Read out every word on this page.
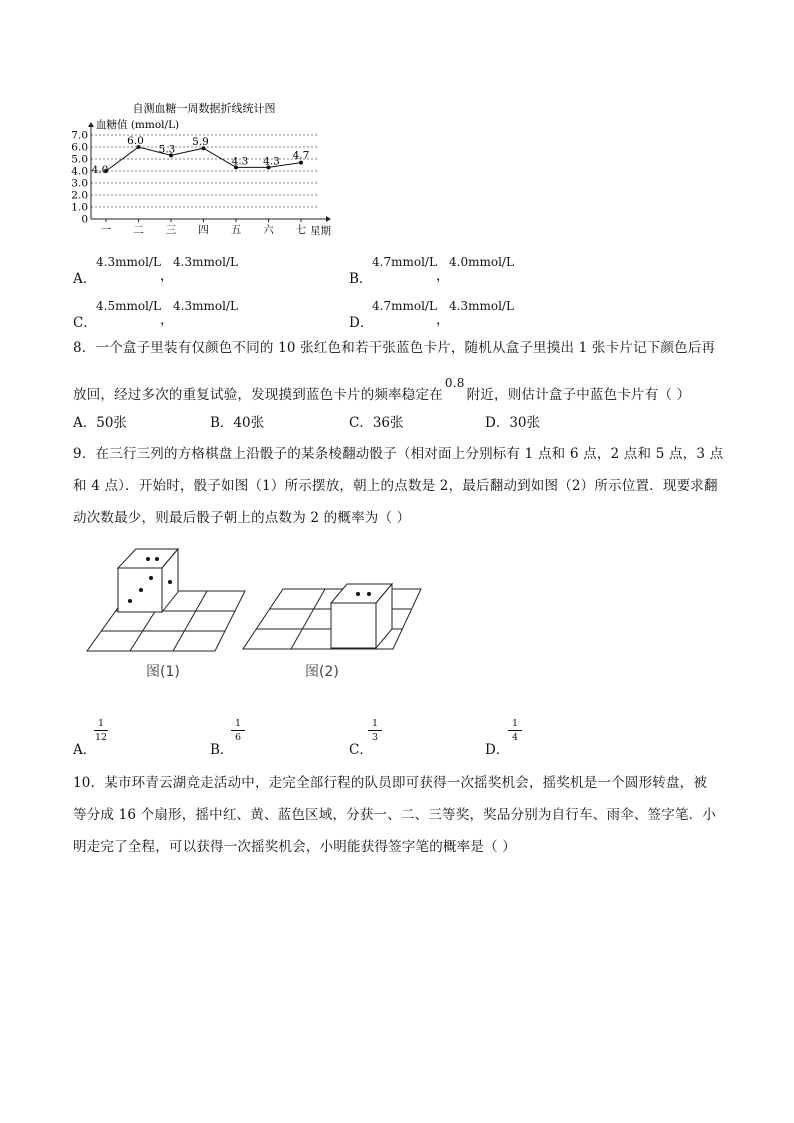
自测血糖一周数据折线统计图
血糖值 (mmol/L)
星期
0
1.0
2.0
3.0
4.0
5.0
6.0
7.0
一 二 三 四 五 六 七
4.0
6.0
5.3
5.9
4.3 4.3 4.7
A．
4.3mmol/L
，
4.3mmol/L
B．
4.7mmol/L
，
4.0mmol/L
C．
4.5mmol/L
，
4.3mmol/L
D．
4.7mmol/L
，
4.3mmol/L
8．一个盒子里装有仅颜色不同的 10 张红色和若干张蓝色卡片，随机从盒子里摸出 1 张卡片记下颜色后再
放回，经过多次的重复试验，发现摸到蓝色卡片的频率稳定在0.8附近，则估计盒子中蓝色卡片有（ ）
A．50张	B．40张	C．36张	D．30张
9．在三行三列的方格棋盘上沿骰子的某条棱翻动骰子（相对面上分别标有 1 点和 6 点，2 点和 5 点，3 点
和 4 点）．开始时，骰子如图（1）所示摆放，朝上的点数是 2，最后翻动到如图（2）所示位置．现要求翻
动次数最少，则最后骰子朝上的点数为 2 的概率为（ ）
图(1)	图(2)
A．
$\frac{1}{12}$
B．
$\frac{1}{6}$
C．
$\frac{1}{3}$
D．
$\frac{1}{4}$
10．某市环青云湖竞走活动中，走完全部行程的队员即可获得一次摇奖机会，摇奖机是一个圆形转盘，被
等分成 16 个扇形，摇中红、黄、蓝色区域，分获一、二、三等奖，奖品分别为自行车、雨伞、签字笔．小
明走完了全程，可以获得一次摇奖机会，小明能获得签字笔的概率是（ ）
